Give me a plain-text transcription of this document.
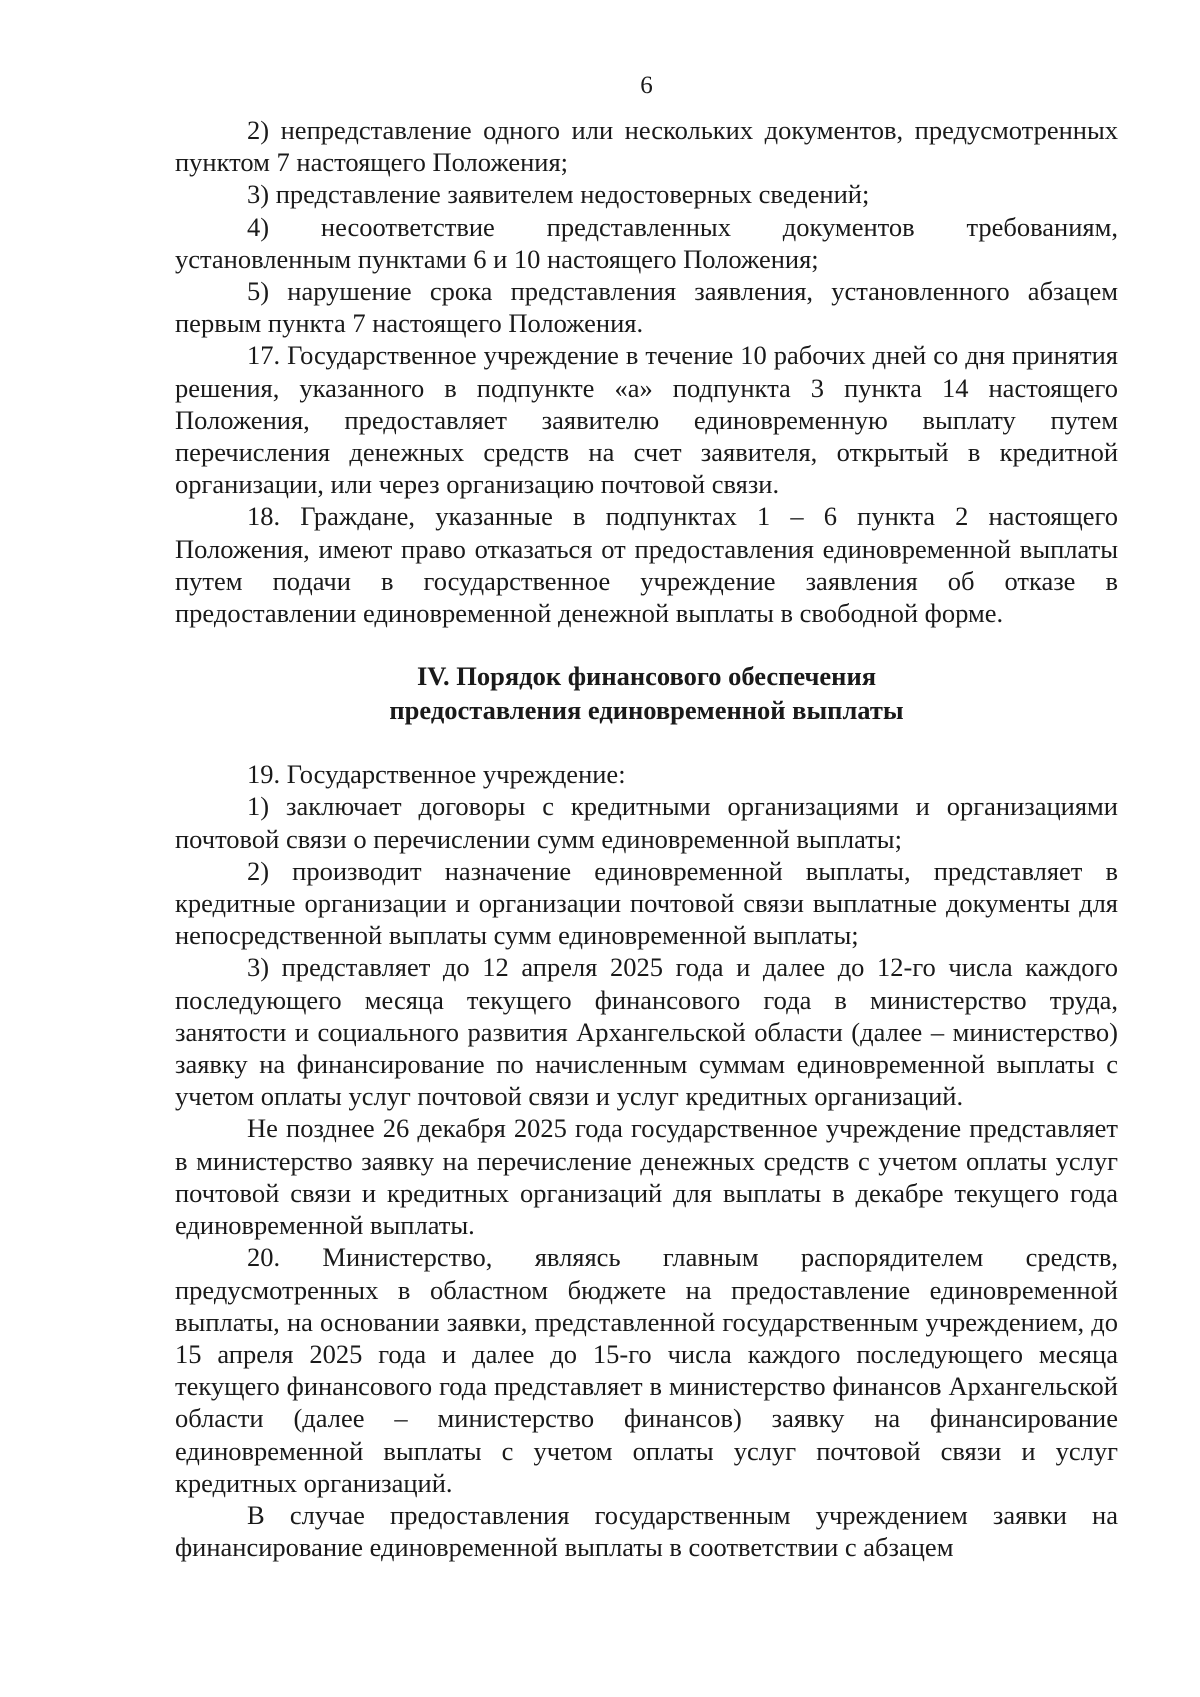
6

2) непредставление одного или нескольких документов, предусмотренных пунктом 7 настоящего Положения;

3) представление заявителем недостоверных сведений;

4) несоответствие представленных документов требованиям, установленным пунктами 6 и 10 настоящего Положения;

5) нарушение срока представления заявления, установленного абзацем первым пункта 7 настоящего Положения.

17. Государственное учреждение в течение 10 рабочих дней со дня принятия решения, указанного в подпункте «а» подпункта 3 пункта 14 настоящего Положения, предоставляет заявителю единовременную выплату путем перечисления денежных средств на счет заявителя, открытый в кредитной организации, или через организацию почтовой связи.

18. Граждане, указанные в подпунктах 1 – 6 пункта 2 настоящего Положения, имеют право отказаться от предоставления единовременной выплаты путем подачи в государственное учреждение заявления об отказе в предоставлении единовременной денежной выплаты в свободной форме.

IV. Порядок финансового обеспечения
предоставления единовременной выплаты

19. Государственное учреждение:

1) заключает договоры с кредитными организациями и организациями почтовой связи о перечислении сумм единовременной выплаты;

2) производит назначение единовременной выплаты, представляет в кредитные организации и организации почтовой связи выплатные документы для непосредственной выплаты сумм единовременной выплаты;

3) представляет до 12 апреля 2025 года и далее до 12-го числа каждого последующего месяца текущего финансового года в министерство труда, занятости и социального развития Архангельской области (далее – министерство) заявку на финансирование по начисленным суммам единовременной выплаты с учетом оплаты услуг почтовой связи и услуг кредитных организаций.

Не позднее 26 декабря 2025 года государственное учреждение представляет в министерство заявку на перечисление денежных средств с учетом оплаты услуг почтовой связи и кредитных организаций для выплаты в декабре текущего года единовременной выплаты.

20. Министерство, являясь главным распорядителем средств, предусмотренных в областном бюджете на предоставление единовременной выплаты, на основании заявки, представленной государственным учреждением, до 15 апреля 2025 года и далее до 15-го числа каждого последующего месяца текущего финансового года представляет в министерство финансов Архангельской области (далее – министерство финансов) заявку на финансирование единовременной выплаты с учетом оплаты услуг почтовой связи и услуг кредитных организаций.

В случае предоставления государственным учреждением заявки на финансирование единовременной выплаты в соответствии с абзацем
